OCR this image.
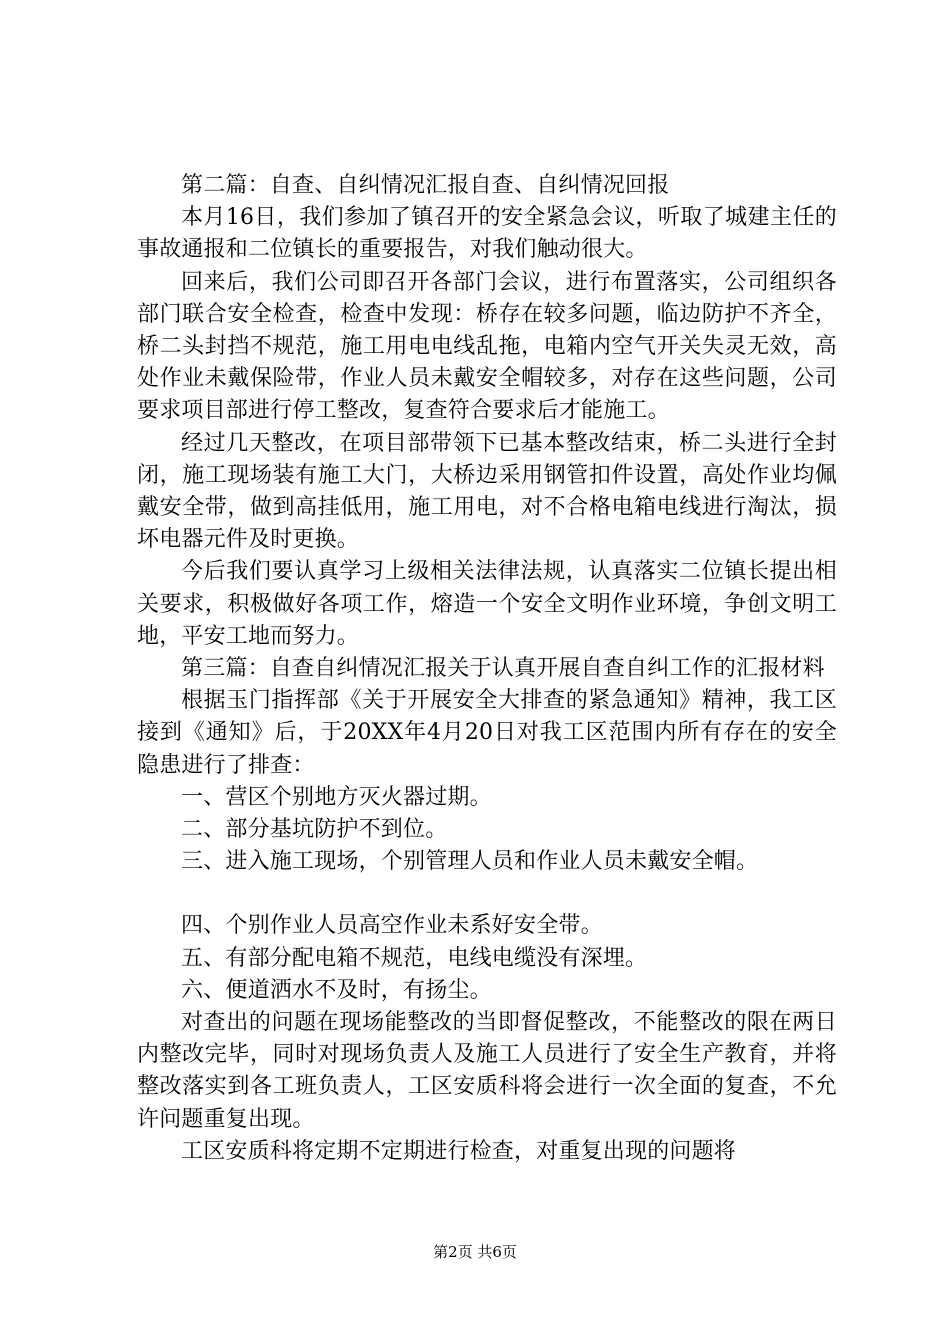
第二篇：自查、自纠情况汇报自查、自纠情况回报

本月16日，我们参加了镇召开的安全紧急会议，听取了城建主任的事故通报和二位镇长的重要报告，对我们触动很大。

回来后，我们公司即召开各部门会议，进行布置落实，公司组织各部门联合安全检查，检查中发现：桥存在较多问题，临边防护不齐全，桥二头封挡不规范，施工用电电线乱拖，电箱内空气开关失灵无效，高处作业未戴保险带，作业人员未戴安全帽较多，对存在这些问题，公司要求项目部进行停工整改，复查符合要求后才能施工。

经过几天整改，在项目部带领下已基本整改结束，桥二头进行全封闭，施工现场装有施工大门，大桥边采用钢管扣件设置，高处作业均佩戴安全带，做到高挂低用，施工用电，对不合格电箱电线进行淘汰，损坏电器元件及时更换。

今后我们要认真学习上级相关法律法规，认真落实二位镇长提出相关要求，积极做好各项工作，熔造一个安全文明作业环境，争创文明工地，平安工地而努力。

第三篇：自查自纠情况汇报关于认真开展自查自纠工作的汇报材料

根据玉门指挥部《关于开展安全大排查的紧急通知》精神，我工区接到《通知》后，于20XX年4月20日对我工区范围内所有存在的安全隐患进行了排查：

一、营区个别地方灭火器过期。

二、部分基坑防护不到位。

三、进入施工现场，个别管理人员和作业人员未戴安全帽。

四、个别作业人员高空作业未系好安全带。

五、有部分配电箱不规范，电线电缆没有深埋。

六、便道洒水不及时，有扬尘。

对查出的问题在现场能整改的当即督促整改，不能整改的限在两日内整改完毕，同时对现场负责人及施工人员进行了安全生产教育，并将整改落实到各工班负责人，工区安质科将会进行一次全面的复查，不允许问题重复出现。

工区安质科将定期不定期进行检查，对重复出现的问题将

第2页 共6页
